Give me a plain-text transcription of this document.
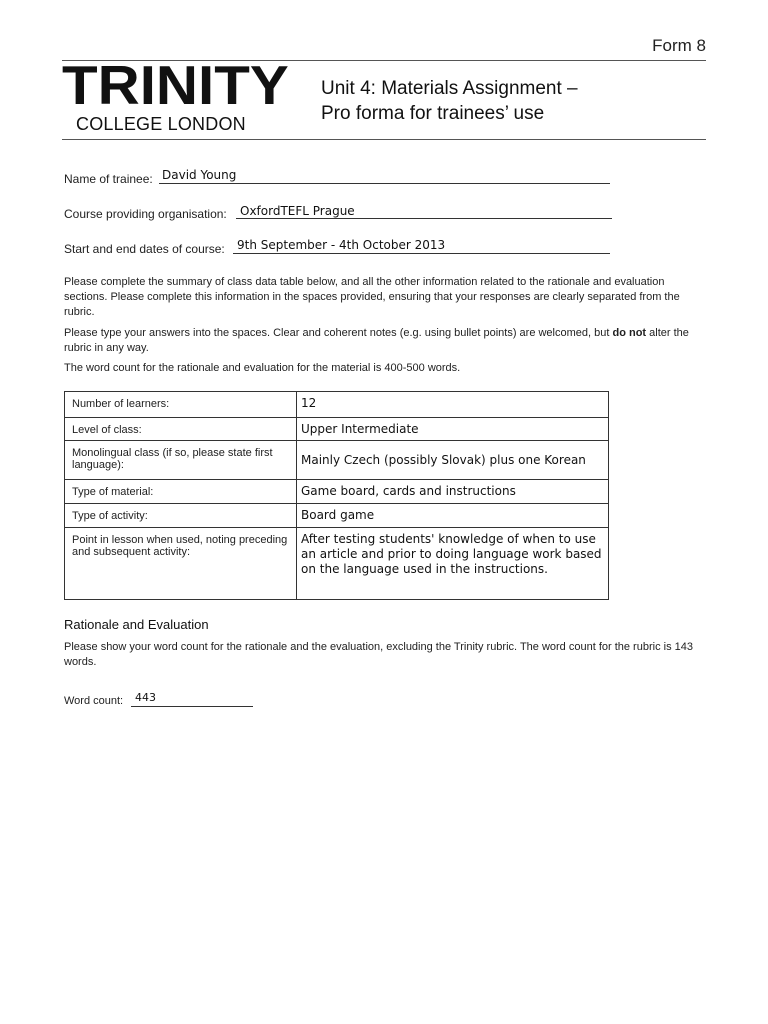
Form 8
TRINITY
COLLEGE LONDON
Unit 4: Materials Assignment –
Pro forma for trainees’ use
Name of trainee: David Young
Course providing organisation: OxfordTEFL Prague
Start and end dates of course: 9th September - 4th October 2013
Please complete the summary of class data table below, and all the other information related to the rationale and evaluation sections. Please complete this information in the spaces provided, ensuring that your responses are clearly separated from the rubric.
Please type your answers into the spaces. Clear and coherent notes (e.g. using bullet points) are welcomed, but do not alter the rubric in any way.
The word count for the rationale and evaluation for the material is 400-500 words.
Number of learners:	12
Level of class:	Upper Intermediate
Monolingual class (if so, please state first language):	Mainly Czech (possibly Slovak) plus one Korean
Type of material:	Game board, cards and instructions
Type of activity:	Board game
Point in lesson when used, noting preceding and subsequent activity:	After testing students' knowledge of when to use an article and prior to doing language work based on the language used in the instructions.
Rationale and Evaluation
Please show your word count for the rationale and the evaluation, excluding the Trinity rubric. The word count for the rubric is 143 words.
Word count: 443
